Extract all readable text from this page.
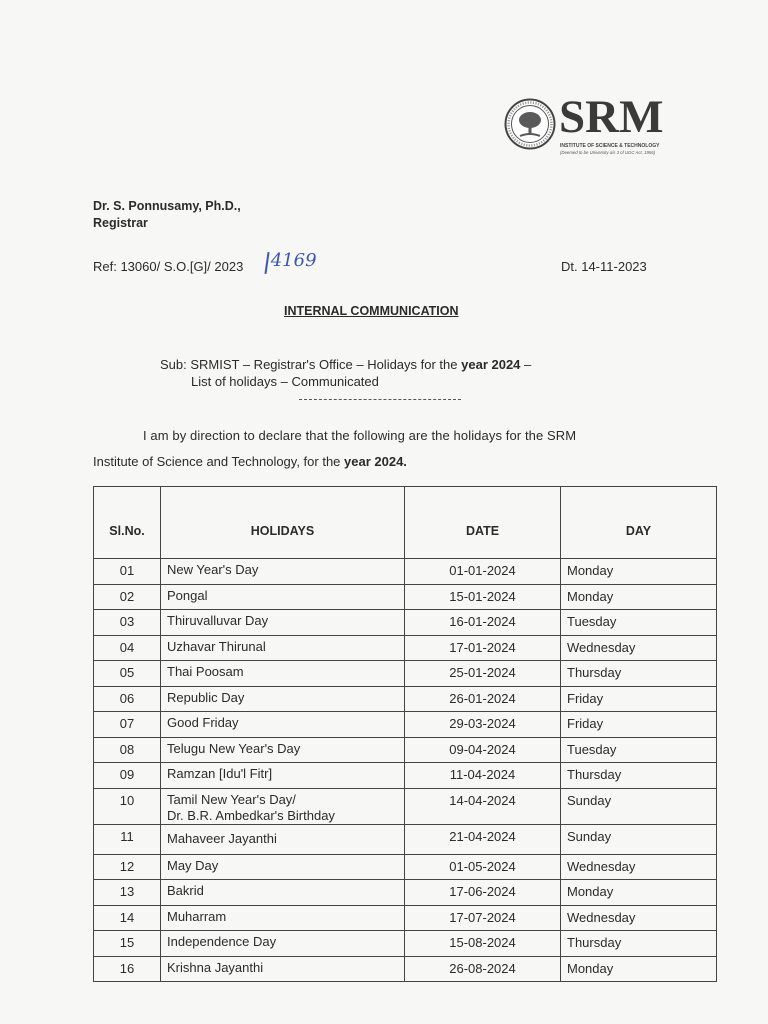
SRM
INSTITUTE OF SCIENCE & TECHNOLOGY
(Deemed to be University u/s 3 of UGC Act, 1956)
Dr. S. Ponnusamy, Ph.D.,
Registrar
Ref: 13060/ S.O.[G]/ 2023	4169	Dt. 14-11-2023
INTERNAL COMMUNICATION
Sub: SRMIST – Registrar's Office – Holidays for the year 2024 –
List of holidays – Communicated
I am by direction to declare that the following are the holidays for the SRM
Institute of Science and Technology, for the year 2024.
Sl.No.	HOLIDAYS	DATE	DAY
01	New Year's Day	01-01-2024	Monday
02	Pongal	15-01-2024	Monday
03	Thiruvalluvar Day	16-01-2024	Tuesday
04	Uzhavar Thirunal	17-01-2024	Wednesday
05	Thai Poosam	25-01-2024	Thursday
06	Republic Day	26-01-2024	Friday
07	Good Friday	29-03-2024	Friday
08	Telugu New Year's Day	09-04-2024	Tuesday
09	Ramzan [Idu'l Fitr]	11-04-2024	Thursday
10	Tamil New Year's Day/
Dr. B.R. Ambedkar's Birthday	14-04-2024	Sunday
11	Mahaveer Jayanthi	21-04-2024	Sunday
12	May Day	01-05-2024	Wednesday
13	Bakrid	17-06-2024	Monday
14	Muharram	17-07-2024	Wednesday
15	Independence Day	15-08-2024	Thursday
16	Krishna Jayanthi	26-08-2024	Monday
